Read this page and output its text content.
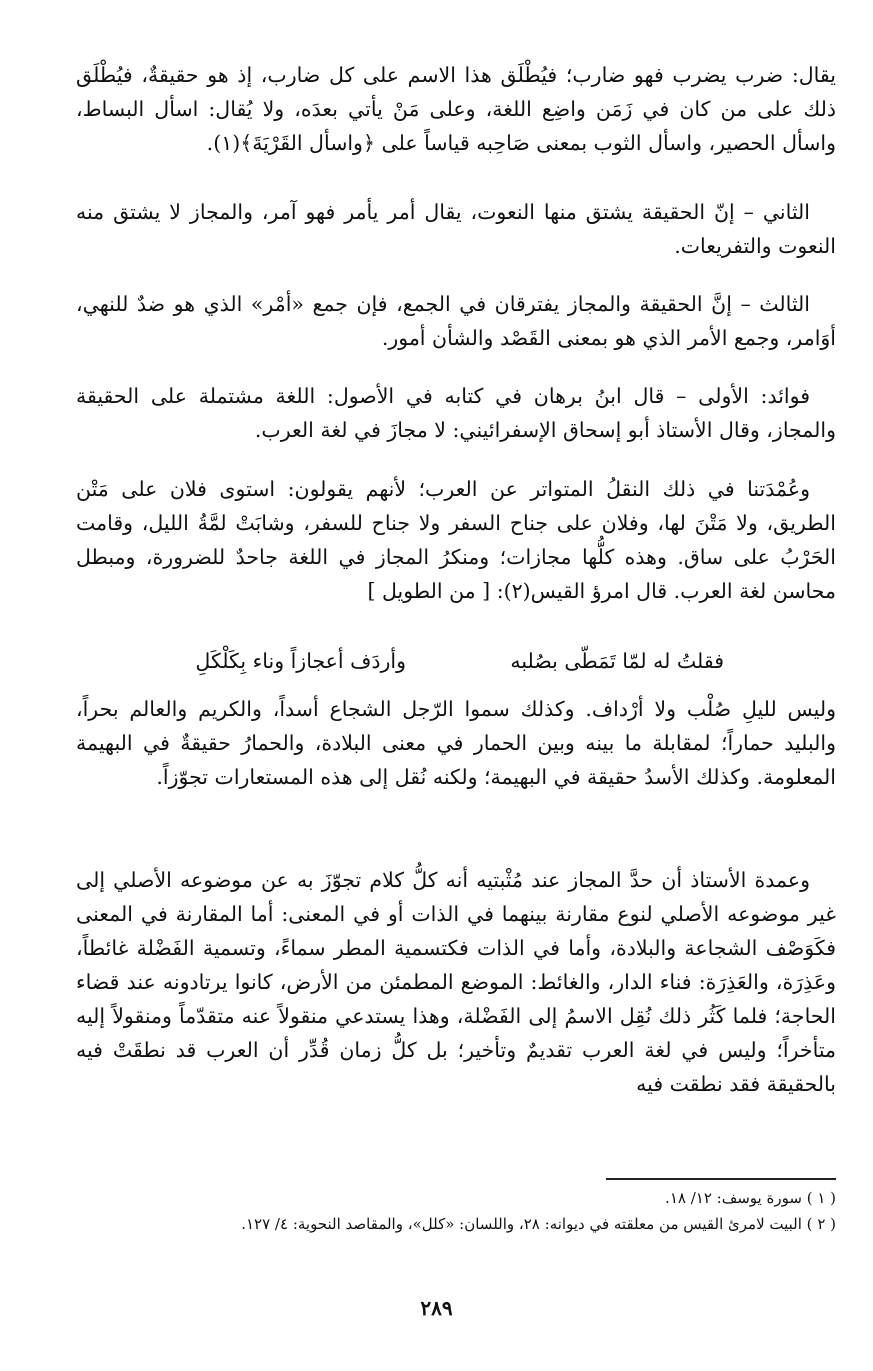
يقال: ضرب يضرب فهو ضارب؛ فيُطْلَق هذا الاسم على كل ضارب، إذ هو حقيقةٌ، فيُطْلَق ذلك على من كان في زَمَن واضِع اللغة، وعلى مَنْ يأتي بعدَه، ولا يُقال: اسأل البساط، واسأل الحصير، واسأل الثوب بمعنى صَاحِبه قياساً على ﴿واسأل القَرْيَةَ﴾(١).

الثاني – إنّ الحقيقة يشتق منها النعوت، يقال أمر يأمر فهو آمر، والمجاز لا يشتق منه النعوت والتفريعات.

الثالث – إنَّ الحقيقة والمجاز يفترقان في الجمع، فإن جمع «أمْر» الذي هو ضدٌ للنهي، أوَامر، وجمع الأمر الذي هو بمعنى القَصْد والشأن أمور.

فوائد: الأولى – قال ابنُ برهان في كتابه في الأصول: اللغة مشتملة على الحقيقة والمجاز، وقال الأستاذ أبو إسحاق الإسفرائيني: لا مجازَ في لغة العرب.

وعُمْدَتنا في ذلك النقلُ المتواتر عن العرب؛ لأنهم يقولون: استوى فلان على مَتْن الطريق، ولا مَتْنَ لها، وفلان على جناح السفر ولا جناح للسفر، وشابَتْ لمَّةُ الليل، وقامت الحَرْبُ على ساق. وهذه كلُّها مجازات؛ ومنكرُ المجاز في اللغة جاحدٌ للضرورة، ومبطل محاسن لغة العرب. قال امرؤ القيس(٢): [ من الطويل ]

فقلتُ له لمّا تَمَطّى بصُلبه
وأردَف أعجازاً وناء بِكَلْكَلِ

وليس لليلِ صُلْب ولا أرْداف. وكذلك سموا الرّجل الشجاع أسداً، والكريم والعالم بحراً، والبليد حماراً؛ لمقابلة ما بينه وبين الحمار في معنى البلادة، والحمارُ حقيقةٌ في البهيمة المعلومة. وكذلك الأسدُ حقيقة في البهيمة؛ ولكنه نُقل إلى هذه المستعارات تجوّزاً.

وعمدة الأستاذ أن حدَّ المجاز عند مُثْبتيه أنه كلُّ كلام تجوّزَ به عن موضوعه الأصلي إلى غير موضوعه الأصلي لنوع مقارنة بينهما في الذات أو في المعنى: أما المقارنة في المعنى فكَوَصْف الشجاعة والبلادة، وأما في الذات فكتسمية المطر سماءً، وتسمية الفَضْلة غائطاً، وعَذِرَة، والعَذِرَة: فناء الدار، والغائط: الموضع المطمئن من الأرض، كانوا يرتادونه عند قضاء الحاجة؛ فلما كَثُر ذلك نُقِل الاسمُ إلى الفَضْلة، وهذا يستدعي منقولاً عنه متقدّماً ومنقولاً إليه متأخراً؛ وليس في لغة العرب تقديمٌ وتأخير؛ بل كلُّ زمان قُدِّر أن العرب قد نطقَتْ فيه بالحقيقة فقد نطقت فيه

( ١ ) سورة يوسف: ١٢/ ١٨.
( ٢ ) البيت لامرئ القيس من معلقته في ديوانه: ٢٨، واللسان: «كلل»، والمقاصد النحوية: ٤/ ١٢٧.
٢٨٩
